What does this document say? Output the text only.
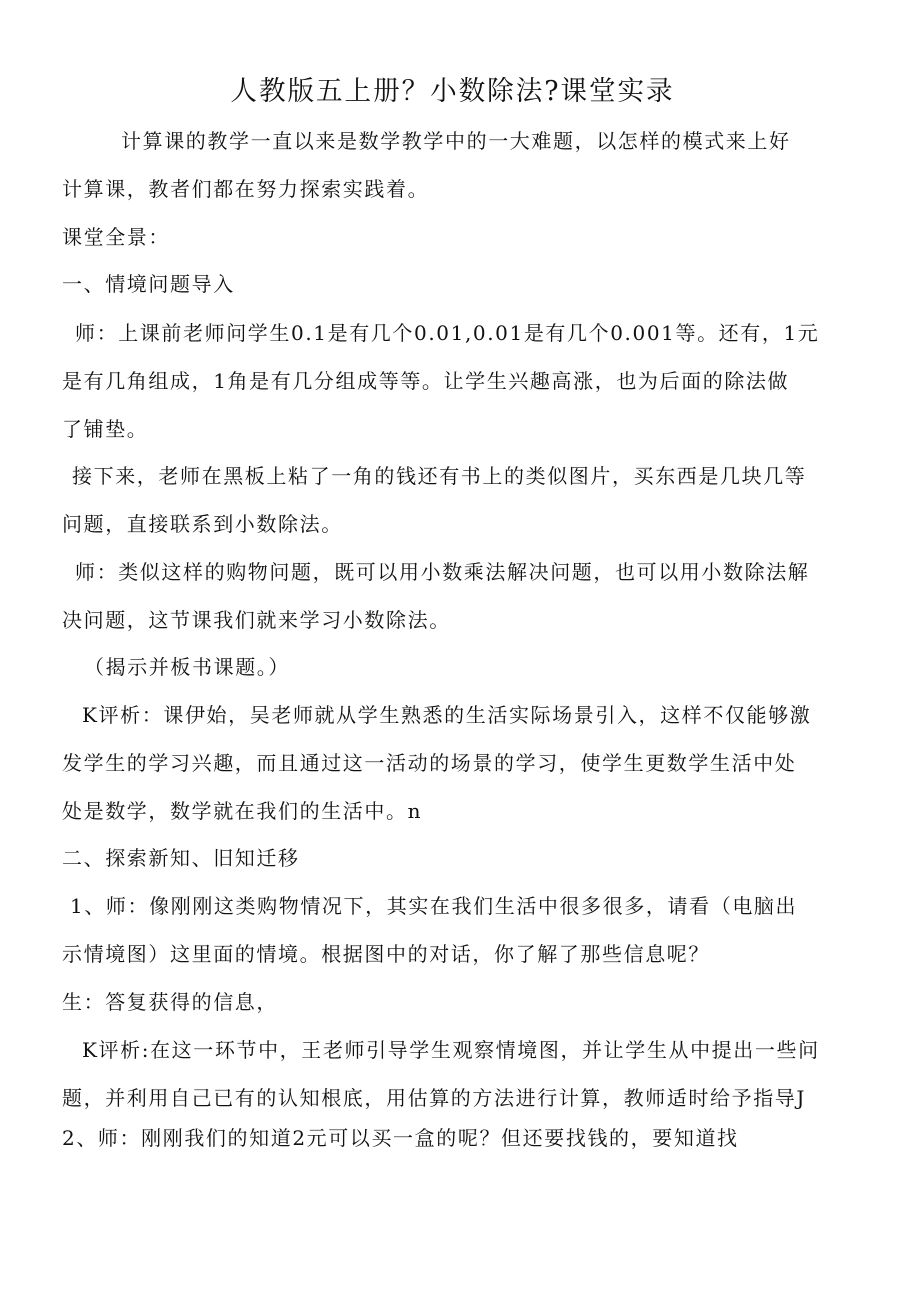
人教版五上册？小数除法?课堂实录
计算课的教学一直以来是数学教学中的一大难题，以怎样的模式来上好
计算课，教者们都在努力探索实践着。
课堂全景：
一、情境问题导入
师：上课前老师问学生0.1是有几个0.01,0.01是有几个0.001等。还有，1元
是有几角组成，1角是有几分组成等等。让学生兴趣高涨，也为后面的除法做
了铺垫。
接下来，老师在黑板上粘了一角的钱还有书上的类似图片，买东西是几块几等
问题，直接联系到小数除法。
师：类似这样的购物问题，既可以用小数乘法解决问题，也可以用小数除法解
决问题，这节课我们就来学习小数除法。
（揭示并板书课题。）
K评析：课伊始，吴老师就从学生熟悉的生活实际场景引入，这样不仅能够激
发学生的学习兴趣，而且通过这一活动的场景的学习，使学生更数学生活中处
处是数学，数学就在我们的生活中。n
二、探索新知、旧知迁移
1、师：像刚刚这类购物情况下，其实在我们生活中很多很多，请看（电脑出
示情境图）这里面的情境。根据图中的对话，你了解了那些信息呢？
生：答复获得的信息，
K评析:在这一环节中，王老师引导学生观察情境图，并让学生从中提出一些问
题，并利用自己已有的认知根底，用估算的方法进行计算，教师适时给予指导J
2、师：刚刚我们的知道2元可以买一盒的呢？但还要找钱的，要知道找
